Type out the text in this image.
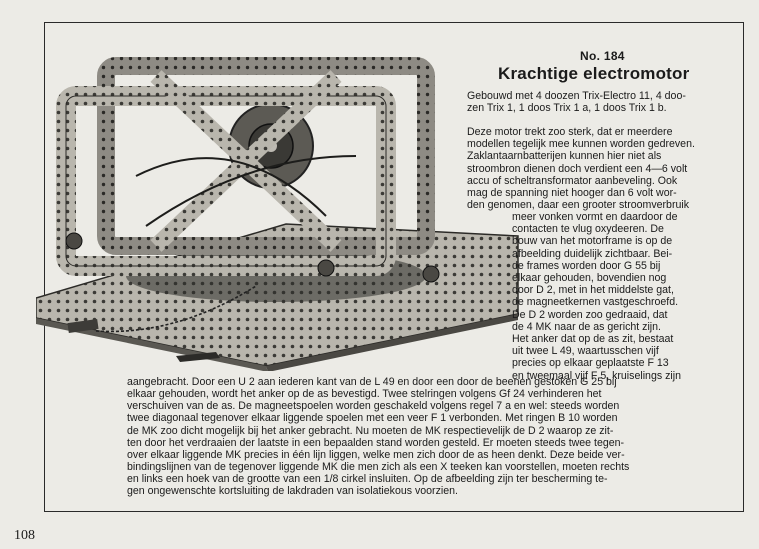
No. 184
Krachtige electromotor
Gebouwd met 4 doozen Trix-Electro 11, 4 doo-
zen Trix 1, 1 doos Trix 1 a, 1 doos Trix 1 b.
Deze motor trekt zoo sterk, dat er meerdere
modellen tegelijk mee kunnen worden gedreven.
Zaklantaarnbatterijen kunnen hier niet als
stroombron dienen doch verdient een 4—6 volt
accu of scheltransformator aanbeveling. Ook
mag de spanning niet hooger dan 6 volt wor-
den genomen, daar een grooter stroomverbruik
meer vonken vormt en daardoor de
contacten te vlug oxydeeren. De
bouw van het motorframe is op de
afbeelding duidelijk zichtbaar. Bei-
de frames worden door G 55 bij
elkaar gehouden, bovendien nog
door D 2, met in het middelste gat,
de magneetkernen vastgeschroefd.
De D 2 worden zoo gedraaid, dat
de 4 MK naar de as gericht zijn.
Het anker dat op de as zit, bestaat
uit twee L 49, waartusschen vijf
precies op elkaar geplaatste F 13
en tweemaal vijf F 5, kruiselings zijn
aangebracht. Door een U 2 aan iederen kant van de L 49 en door een door de beenen gestoken G 25 bij
elkaar gehouden, wordt het anker op de as bevestigd. Twee stelringen volgens Gf 24 verhinderen het
verschuiven van de as. De magneetspoelen worden geschakeld volgens regel 7 a en wel: steeds worden
twee diagonaal tegenover elkaar liggende spoelen met een veer F 1 verbonden. Met ringen B 10 worden
de MK zoo dicht mogelijk bij het anker gebracht. Nu moeten de MK respectievelijk de D 2 waarop ze zit-
ten door het verdraaien der laatste in een bepaalden stand worden gesteld. Er moeten steeds twee tegen-
over elkaar liggende MK precies in één lijn liggen, welke men zich door de as heen denkt. Deze beide ver-
bindingslijnen van de tegenover liggende MK die men zich als een X teeken kan voorstellen, moeten rechts
en links een hoek van de grootte van een 1/8 cirkel insluiten. Op de afbeelding zijn ter bescherming te-
gen ongewenschte kortsluiting de lakdraden van isolatiekous voorzien.
108
